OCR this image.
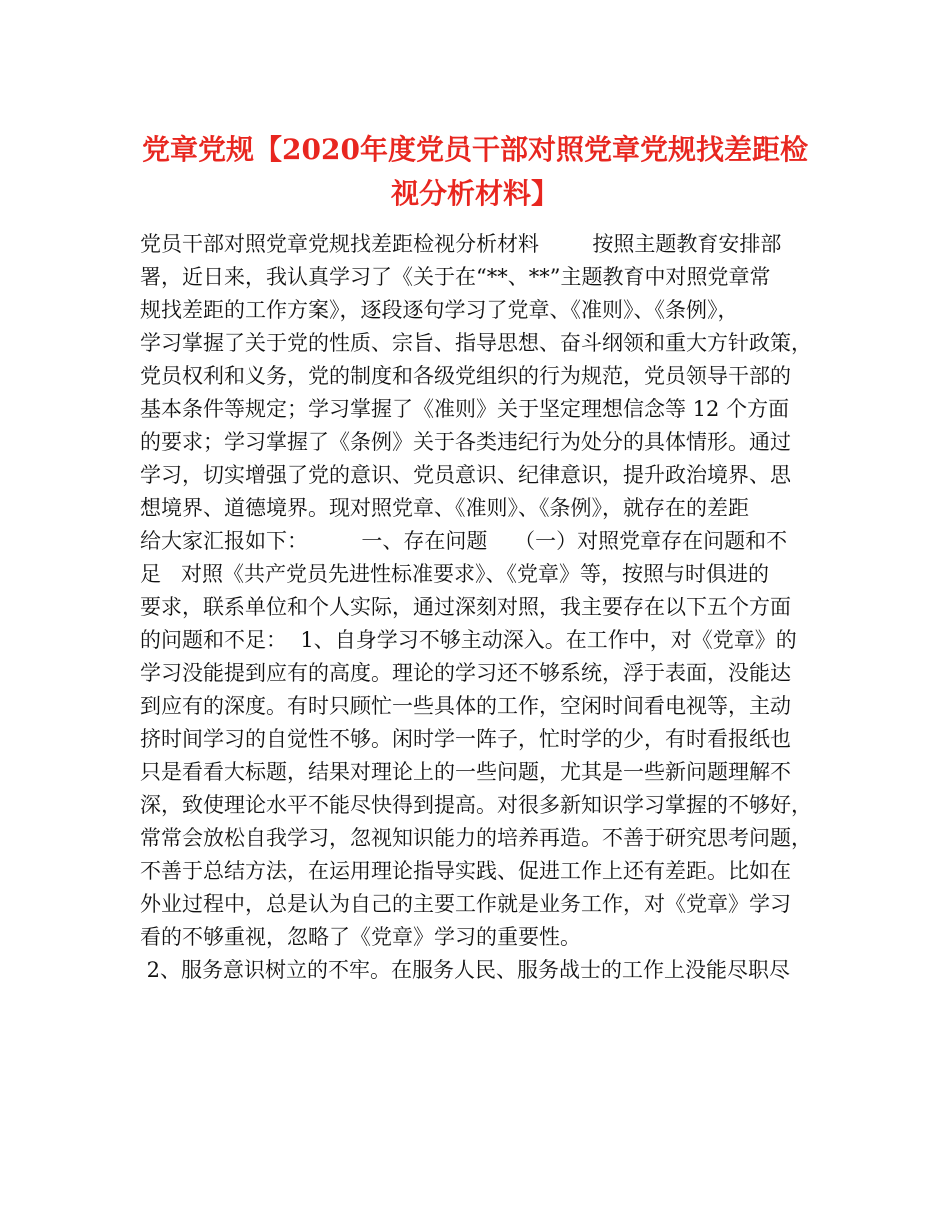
党章党规【2020年度党员干部对照党章党规找差距检
视分析材料】
党员干部对照党章党规找差距检视分析材料        按照主题教育安排部
署，近日来，我认真学习了《关于在“**、**”主题教育中对照党章常
规找差距的工作方案》，逐段逐句学习了党章、《准则》、《条例》，
学习掌握了关于党的性质、宗旨、指导思想、奋斗纲领和重大方针政策，
党员权利和义务，党的制度和各级党组织的行为规范，党员领导干部的
基本条件等规定；学习掌握了《准则》关于坚定理想信念等 12 个方面
的要求；学习掌握了《条例》关于各类违纪行为处分的具体情形。通过
学习，切实增强了党的意识、党员意识、纪律意识，提升政治境界、思
想境界、道德境界。现对照党章、《准则》、《条例》，就存在的差距
给大家汇报如下：        一、存在问题    （一）对照党章存在问题和不
足   对照《共产党员先进性标准要求》、《党章》等，按照与时俱进的
要求，联系单位和个人实际，通过深刻对照，我主要存在以下五个方面
的问题和不足：  1、自身学习不够主动深入。在工作中，对《党章》的
学习没能提到应有的高度。理论的学习还不够系统，浮于表面，没能达
到应有的深度。有时只顾忙一些具体的工作，空闲时间看电视等，主动
挤时间学习的自觉性不够。闲时学一阵子，忙时学的少，有时看报纸也
只是看看大标题，结果对理论上的一些问题，尤其是一些新问题理解不
深，致使理论水平不能尽快得到提高。对很多新知识学习掌握的不够好，
常常会放松自我学习，忽视知识能力的培养再造。不善于研究思考问题，
不善于总结方法，在运用理论指导实践、促进工作上还有差距。比如在
外业过程中，总是认为自己的主要工作就是业务工作，对《党章》学习
看的不够重视，忽略了《党章》学习的重要性。
2、服务意识树立的不牢。在服务人民、服务战士的工作上没能尽职尽
